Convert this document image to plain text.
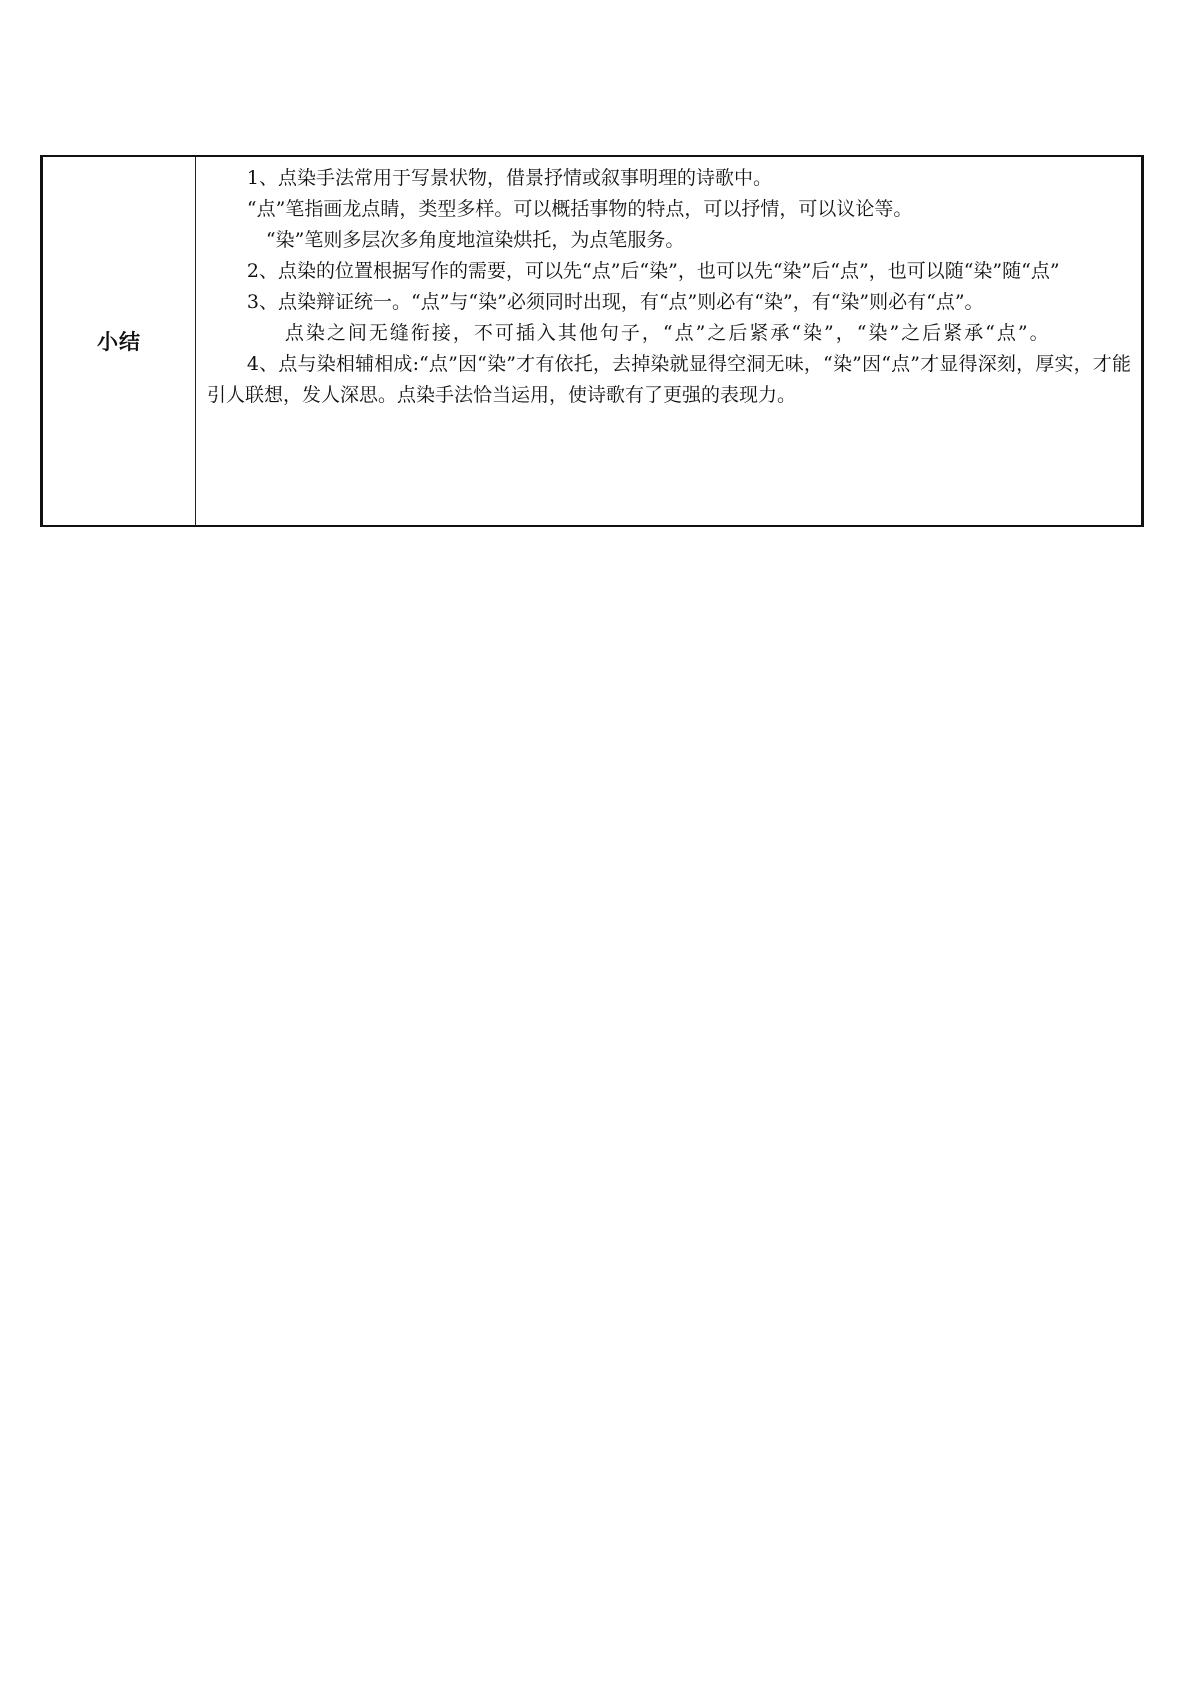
小结	

1、点染手法常用于写景状物，借景抒情或叙事明理的诗歌中。

“点”笔指画龙点睛，类型多样。可以概括事物的特点，可以抒情，可以议论等。

“染”笔则多层次多角度地渲染烘托，为点笔服务。

2、点染的位置根据写作的需要，可以先“点”后“染”，也可以先“染”后“点”，也可以随“染”随“点”

3、点染辩证统一。“点”与“染”必须同时出现，有“点”则必有“染”，有“染”则必有“点”。

点染之间无缝衔接，不可插入其他句子，“点”之后紧承“染”，“染”之后紧承“点”。

4、点与染相辅相成:“点”因“染”才有依托，去掉染就显得空洞无味，“染”因“点”才显得深刻，厚实，才能引人联想，发人深思。点染手法恰当运用，使诗歌有了更强的表现力。
